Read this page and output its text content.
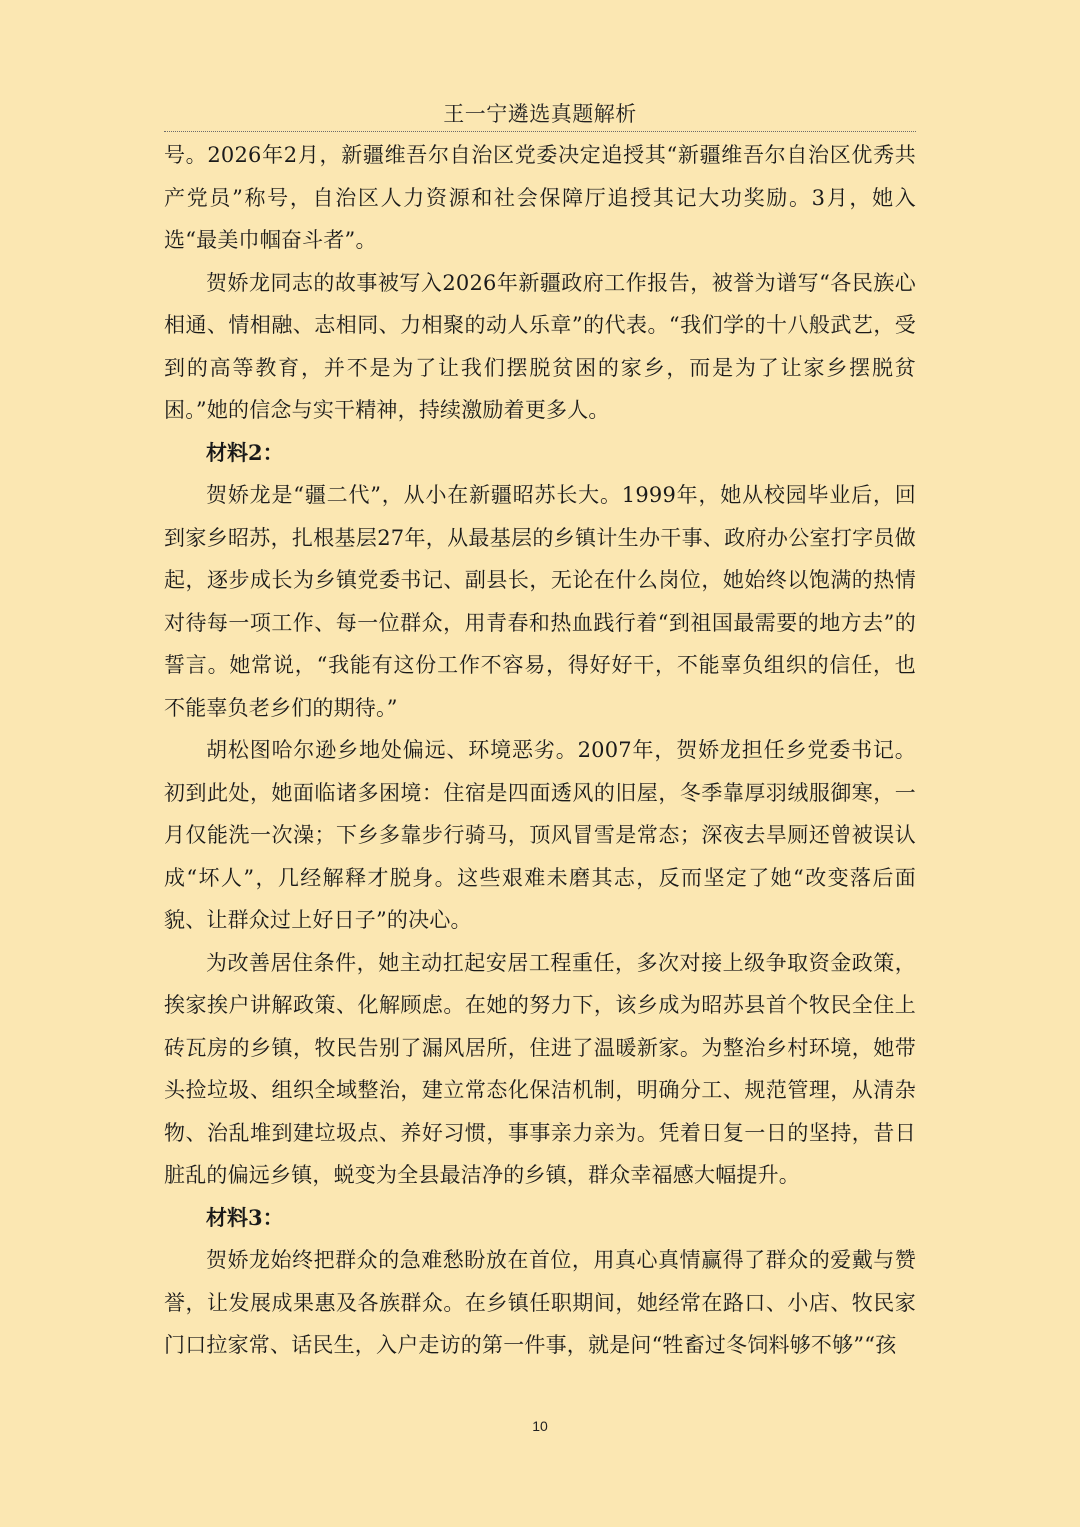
王一宁遴选真题解析

号。2026年2月，新疆维吾尔自治区党委决定追授其“新疆维吾尔自治区优秀共产党员”称号，自治区人力资源和社会保障厅追授其记大功奖励。3月，她入选“最美巾帼奋斗者”。

贺娇龙同志的故事被写入2026年新疆政府工作报告，被誉为谱写“各民族心相通、情相融、志相同、力相聚的动人乐章”的代表。“我们学的十八般武艺，受到的高等教育，并不是为了让我们摆脱贫困的家乡，而是为了让家乡摆脱贫困。”她的信念与实干精神，持续激励着更多人。

材料2：

贺娇龙是“疆二代”，从小在新疆昭苏长大。1999年，她从校园毕业后，回到家乡昭苏，扎根基层27年，从最基层的乡镇计生办干事、政府办公室打字员做起，逐步成长为乡镇党委书记、副县长，无论在什么岗位，她始终以饱满的热情对待每一项工作、每一位群众，用青春和热血践行着“到祖国最需要的地方去”的誓言。她常说，“我能有这份工作不容易，得好好干，不能辜负组织的信任，也不能辜负老乡们的期待。”

胡松图哈尔逊乡地处偏远、环境恶劣。2007年，贺娇龙担任乡党委书记。初到此处，她面临诸多困境：住宿是四面透风的旧屋，冬季靠厚羽绒服御寒，一月仅能洗一次澡；下乡多靠步行骑马，顶风冒雪是常态；深夜去旱厕还曾被误认成“坏人”，几经解释才脱身。这些艰难未磨其志，反而坚定了她“改变落后面貌、让群众过上好日子”的决心。

为改善居住条件，她主动扛起安居工程重任，多次对接上级争取资金政策，挨家挨户讲解政策、化解顾虑。在她的努力下，该乡成为昭苏县首个牧民全住上砖瓦房的乡镇，牧民告别了漏风居所，住进了温暖新家。为整治乡村环境，她带头捡垃圾、组织全域整治，建立常态化保洁机制，明确分工、规范管理，从清杂物、治乱堆到建垃圾点、养好习惯，事事亲力亲为。凭着日复一日的坚持，昔日脏乱的偏远乡镇，蜕变为全县最洁净的乡镇，群众幸福感大幅提升。

材料3：

贺娇龙始终把群众的急难愁盼放在首位，用真心真情赢得了群众的爱戴与赞誉，让发展成果惠及各族群众。在乡镇任职期间，她经常在路口、小店、牧民家门口拉家常、话民生，入户走访的第一件事，就是问“牲畜过冬饲料够不够”“孩

10
